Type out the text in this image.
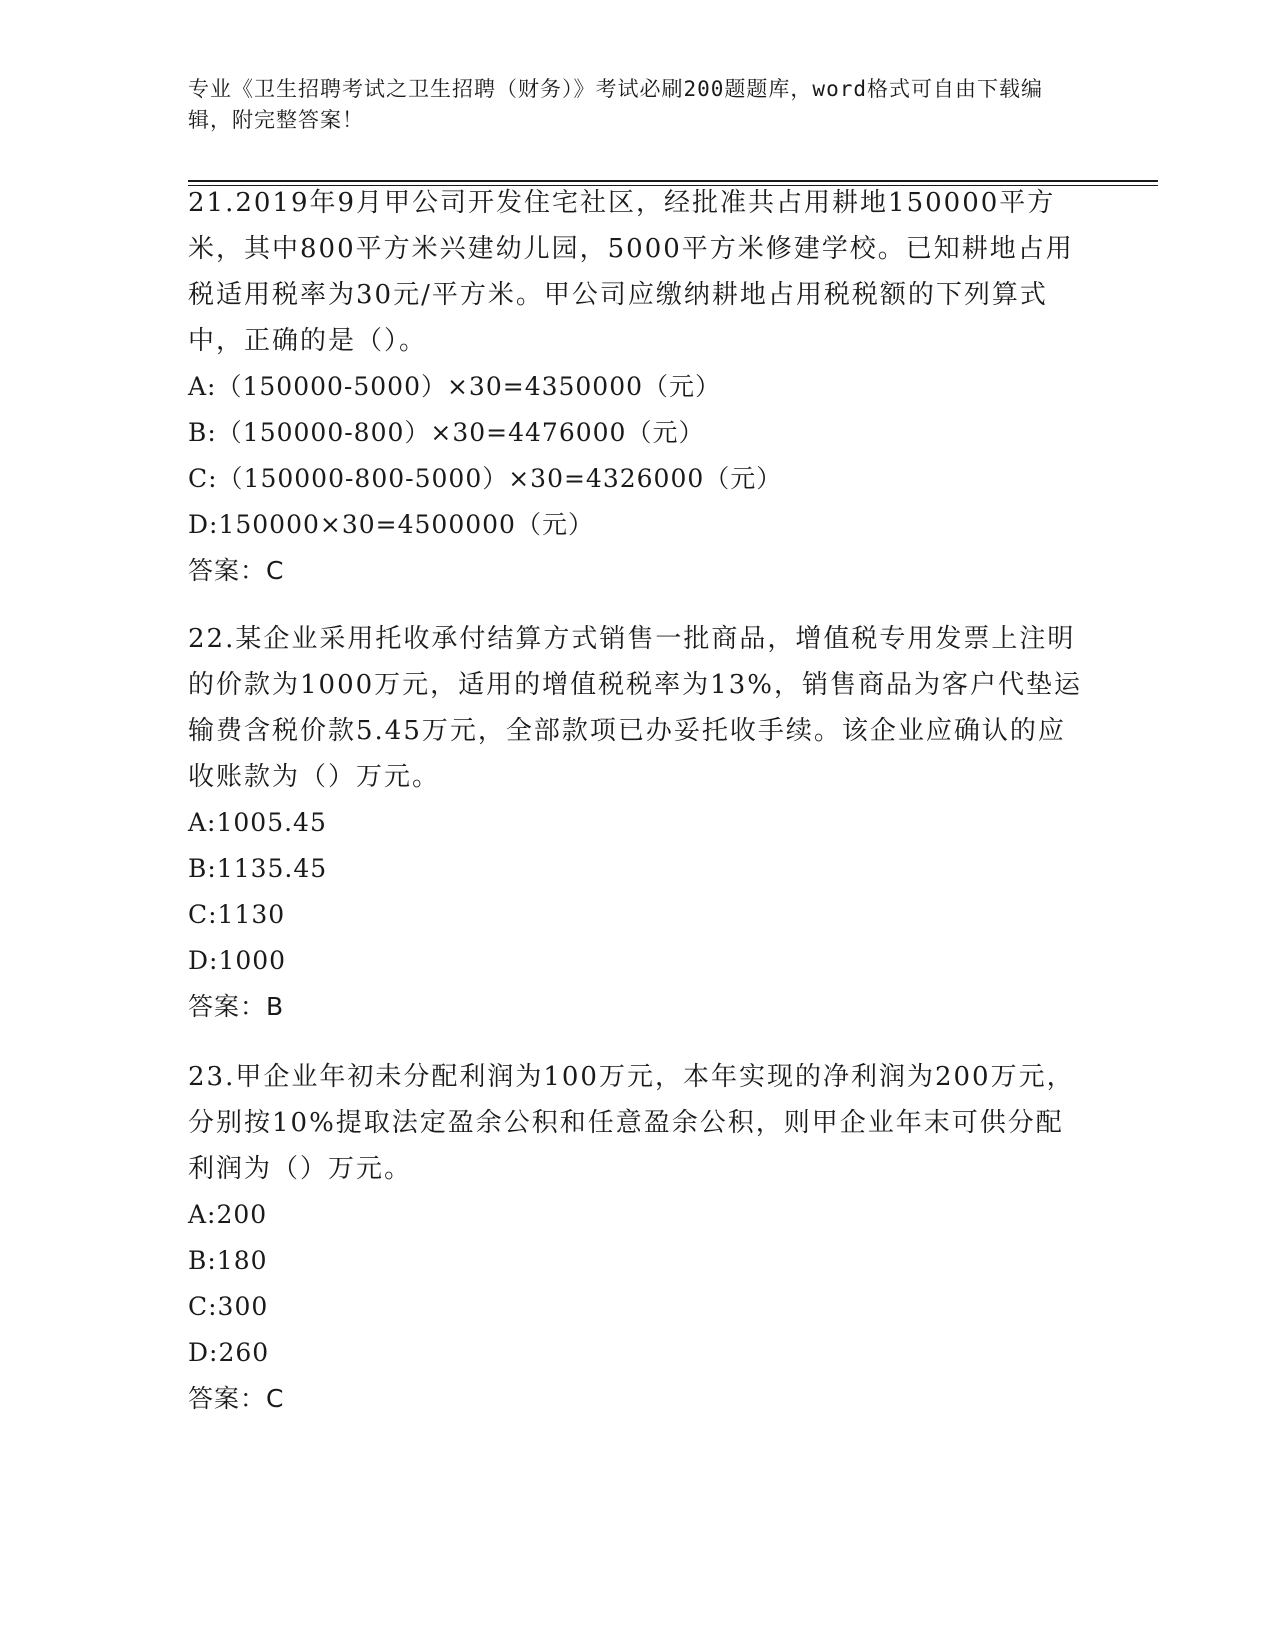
专业《卫生招聘考试之卫生招聘（财务）》考试必刷200题题库，word格式可自由下载编辑，附完整答案！

21.2019年9月甲公司开发住宅社区，经批准共占用耕地150000平方米，其中800平方米兴建幼儿园，5000平方米修建学校。已知耕地占用税适用税率为30元/平方米。甲公司应缴纳耕地占用税税额的下列算式中，正确的是（）。

A:（150000-5000）×30=4350000（元）

B:（150000-800）×30=4476000（元）

C:（150000-800-5000）×30=4326000（元）

D:150000×30=4500000（元）

答案：C

22.某企业采用托收承付结算方式销售一批商品，增值税专用发票上注明的价款为1000万元，适用的增值税税率为13%，销售商品为客户代垫运输费含税价款5.45万元，全部款项已办妥托收手续。该企业应确认的应收账款为（）万元。

A:1005.45

B:1135.45

C:1130

D:1000

答案：B

23.甲企业年初未分配利润为100万元，本年实现的净利润为200万元，分别按10%提取法定盈余公积和任意盈余公积，则甲企业年末可供分配利润为（）万元。

A:200

B:180

C:300

D:260

答案：C
